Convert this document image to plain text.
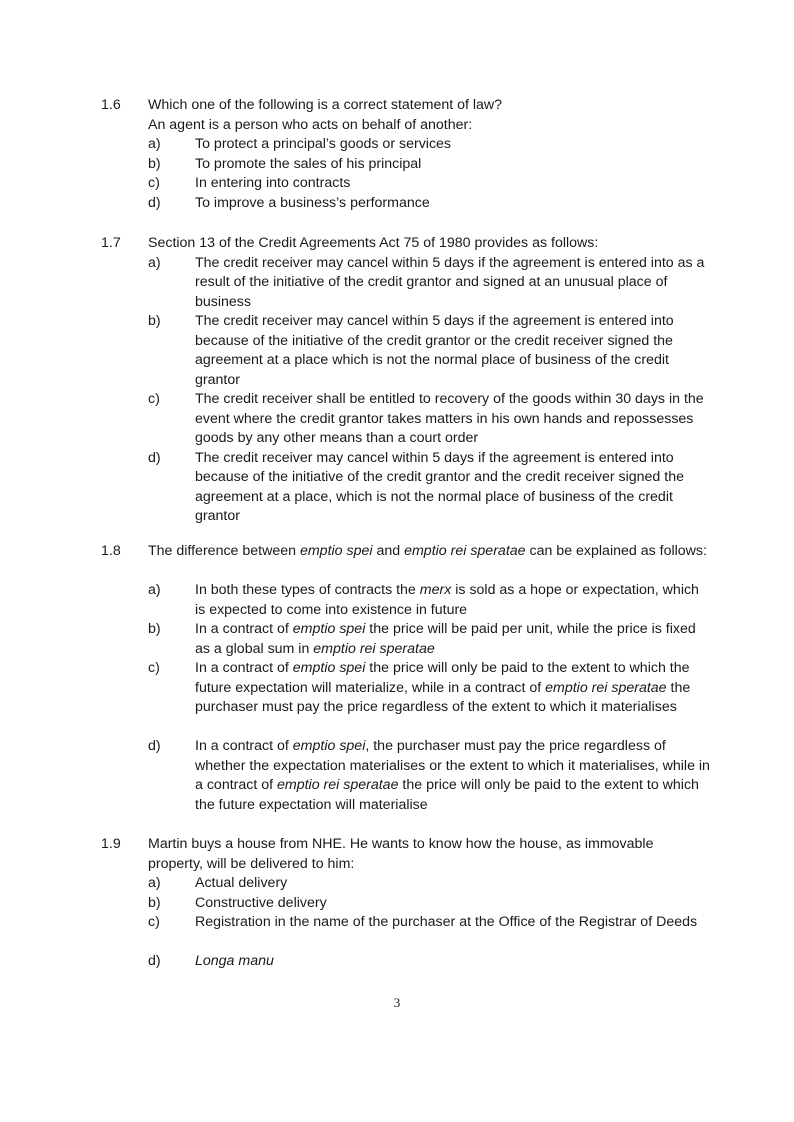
1.6 Which one of the following is a correct statement of law?
An agent is a person who acts on behalf of another:
a) To protect a principal’s goods or services
b) To promote the sales of his principal
c) In entering into contracts
d) To improve a business’s performance
1.7 Section 13 of the Credit Agreements Act 75 of 1980 provides as follows:
a) The credit receiver may cancel within 5 days if the agreement is entered into as a result of the initiative of the credit grantor and signed at an unusual place of business
b) The credit receiver may cancel within 5 days if the agreement is entered into because of the initiative of the credit grantor or the credit receiver signed the agreement at a place which is not the normal place of business of the credit grantor
c) The credit receiver shall be entitled to recovery of the goods within 30 days in the event where the credit grantor takes matters in his own hands and repossesses goods by any other means than a court order
d) The credit receiver may cancel within 5 days if the agreement is entered into because of the initiative of the credit grantor and the credit receiver signed the agreement at a place, which is not the normal place of business of the credit grantor
1.8 The difference between emptio spei and emptio rei speratae can be explained as follows:
a) In both these types of contracts the merx is sold as a hope or expectation, which is expected to come into existence in future
b) In a contract of emptio spei the price will be paid per unit, while the price is fixed as a global sum in emptio rei speratae
c) In a contract of emptio spei the price will only be paid to the extent to which the future expectation will materialize, while in a contract of emptio rei speratae the purchaser must pay the price regardless of the extent to which it materialises
d) In a contract of emptio spei, the purchaser must pay the price regardless of whether the expectation materialises or the extent to which it materialises, while in a contract of emptio rei speratae the price will only be paid to the extent to which the future expectation will materialise
1.9 Martin buys a house from NHE. He wants to know how the house, as immovable property, will be delivered to him:
a) Actual delivery
b) Constructive delivery
c) Registration in the name of the purchaser at the Office of the Registrar of Deeds
d) Longa manu
3
